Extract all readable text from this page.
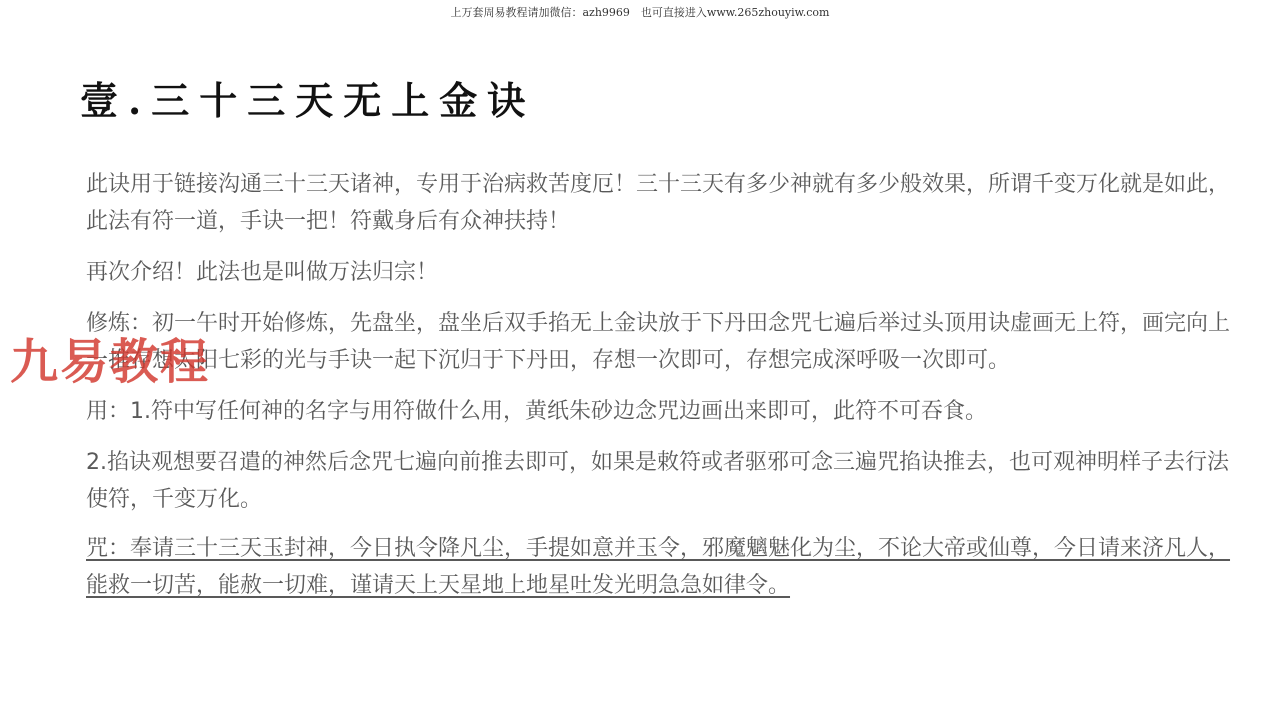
上万套周易教程请加微信：azh9969　也可直接进入www.265zhouyiw.com
壹.三十三天无上金诀

此诀用于链接沟通三十三天诸神，专用于治病救苦度厄！三十三天有多少神就有多少般效果，所谓千变万化就是如此，此法有符一道，手诀一把！符戴身后有众神扶持！

再次介绍！此法也是叫做万法归宗！

修炼：初一午时开始修炼，先盘坐，盘坐后双手掐无上金诀放于下丹田念咒七遍后举过头顶用诀虚画无上符，画完向上一推存想太阳七彩的光与手诀一起下沉归于下丹田，存想一次即可，存想完成深呼吸一次即可。

用：1.符中写任何神的名字与用符做什么用，黄纸朱砂边念咒边画出来即可，此符不可吞食。

2.掐诀观想要召遣的神然后念咒七遍向前推去即可，如果是敕符或者驱邪可念三遍咒掐诀推去，也可观神明样子去行法使符，千变万化。

咒：奉请三十三天玉封神，今日执令降凡尘，手提如意并玉令，邪魔魑魅化为尘，不论大帝或仙尊，今日请来济凡人，能救一切苦，能赦一切难，谨请天上天星地上地星吐发光明急急如律令。

九易教程
